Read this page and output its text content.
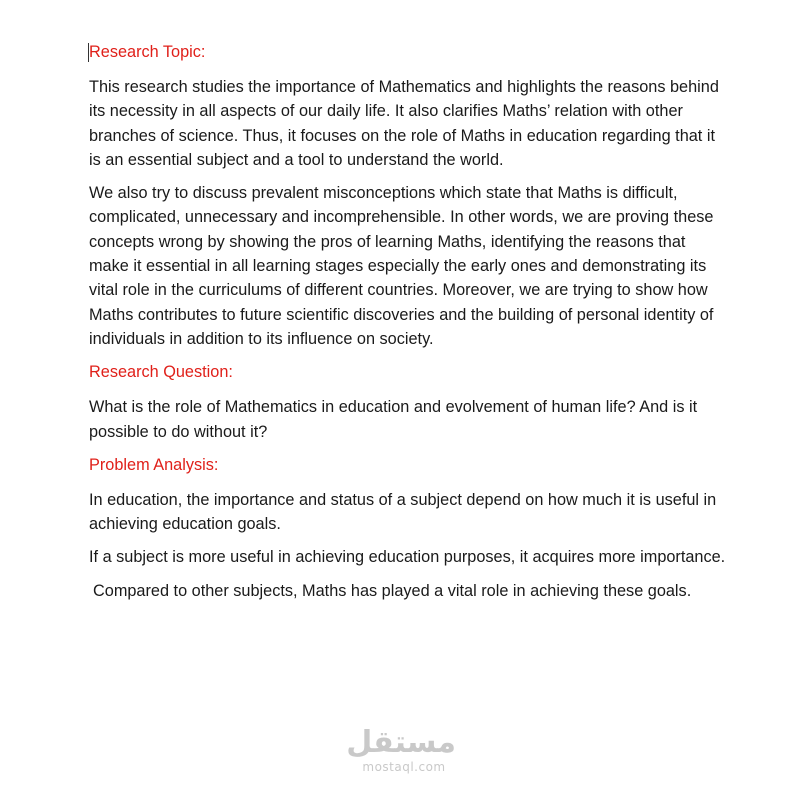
Research Topic:

This research studies the importance of Mathematics and highlights the reasons behind its necessity in all aspects of our daily life. It also clarifies Maths’ relation with other branches of science. Thus, it focuses on the role of Maths in education regarding that it is an essential subject and a tool to understand the world.

We also try to discuss prevalent misconceptions which state that Maths is difficult, complicated, unnecessary and incomprehensible. In other words, we are proving these concepts wrong by showing the pros of learning Maths, identifying the reasons that make it essential in all learning stages especially the early ones and demonstrating its vital role in the curriculums of different countries. Moreover, we are trying to show how Maths contributes to future scientific discoveries and the building of personal identity of individuals in addition to its influence on society.

Research Question:

What is the role of Mathematics in education and evolvement of human life? And is it possible to do without it?

Problem Analysis:

In education, the importance and status of a subject depend on how much it is useful in achieving education goals.

If a subject is more useful in achieving education purposes, it acquires more importance.

Compared to other subjects, Maths has played a vital role in achieving these goals.

مستقل
mostaql.com
